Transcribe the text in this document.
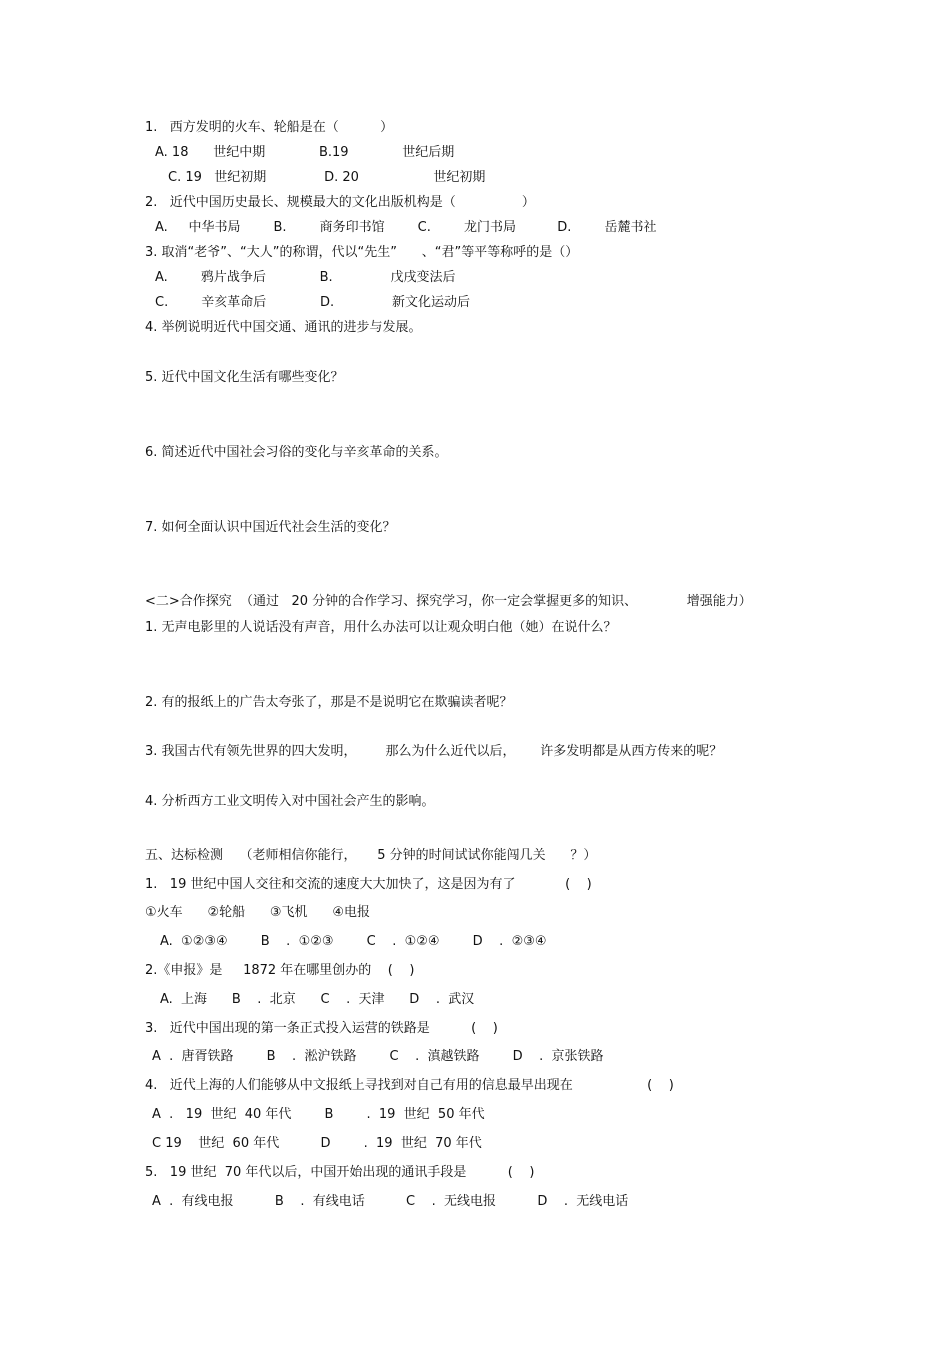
1.   西方发明的火车、轮船是在（          ）
A. 18      世纪中期             B.19             世纪后期
C. 19   世纪初期              D. 20                  世纪初期
2.   近代中国历史最长、规模最大的文化出版机构是（                ）
A.     中华书局        B.        商务印书馆        C.        龙门书局          D.        岳麓书社
3. 取消“老爷”、“大人”的称谓，代以“先生”      、“君”等平等称呼的是（）
A.        鸦片战争后             B.              戊戌变法后
C.        辛亥革命后             D.              新文化运动后
4. 举例说明近代中国交通、通讯的进步与发展。
5. 近代中国文化生活有哪些变化？
6. 简述近代中国社会习俗的变化与辛亥革命的关系。
7. 如何全面认识中国近代社会生活的变化？
<二>合作探究  （通过   20 分钟的合作学习、探究学习，你一定会掌握更多的知识、            增强能力）
1. 无声电影里的人说话没有声音，用什么办法可以让观众明白他（她）在说什么？
2. 有的报纸上的广告太夸张了，那是不是说明它在欺骗读者呢？
3. 我国古代有领先世界的四大发明，       那么为什么近代以后，      许多发明都是从西方传来的呢？
4. 分析西方工业文明传入对中国社会产生的影响。
五、达标检测    （老师相信你能行，     5 分钟的时间试试你能闯几关      ？）
1.   19 世纪中国人交往和交流的速度大大加快了，这是因为有了            (    )
①火车      ②轮船      ③飞机      ④电报
A.  ①②③④        B    .  ①②③        C    .  ①②④        D    .  ②③④
2.《申报》是     1872 年在哪里创办的    (    )
A.  上海      B    .  北京      C    .  天津      D    .  武汉
3.   近代中国出现的第一条正式投入运营的铁路是          (    )
A  .  唐胥铁路        B    .  淞沪铁路        C    .  滇越铁路        D    .  京张铁路
4.   近代上海的人们能够从中文报纸上寻找到对自己有用的信息最早出现在                  (    )
A  .   19  世纪  40 年代        B        .  19  世纪  50 年代
C 19    世纪  60 年代          D        .  19  世纪  70 年代
5.   19 世纪  70 年代以后，中国开始出现的通讯手段是          (    )
A  .  有线电报          B    .  有线电话          C    .  无线电报          D    .  无线电话
